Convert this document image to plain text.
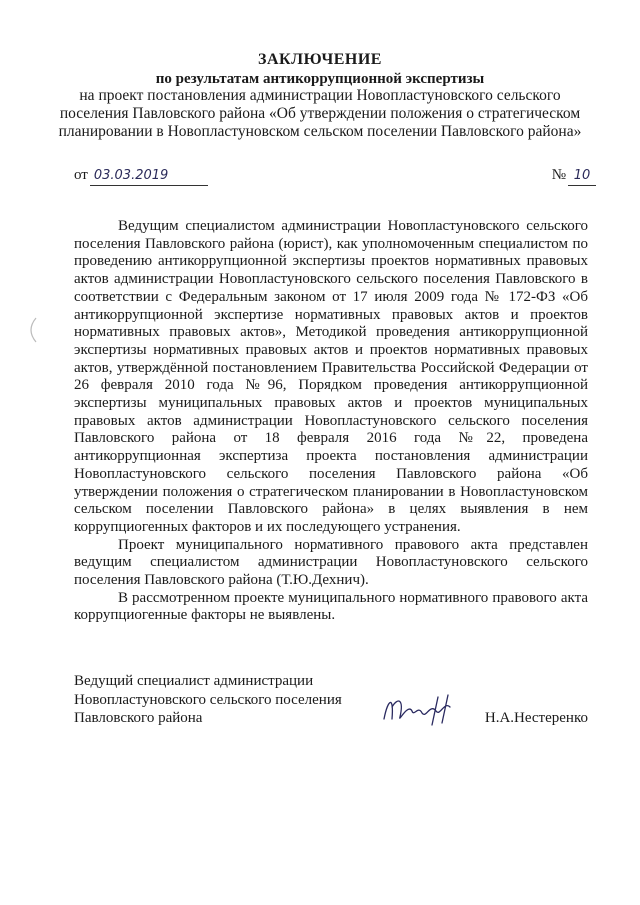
ЗАКЛЮЧЕНИЕ
по результатам антикоррупционной экспертизы
на проект постановления администрации Новопластуновского сельского
поселения Павловского района «Об утверждении положения о стратегическом
планировании в Новопластуновском сельском поселении Павловского района»
от 03.03.2019	№ 10

Ведущим специалистом администрации Новопластуновского сельского поселения Павловского района (юрист), как уполномоченным специалистом по проведению антикоррупционной экспертизы проектов нормативных правовых актов администрации Новопластуновского сельского поселения Павловского в соответствии с Федеральным законом от 17 июля 2009 года № 172-ФЗ «Об антикоррупционной экспертизе нормативных правовых актов и проектов нормативных правовых актов», Методикой проведения антикоррупционной экспертизы нормативных правовых актов и проектов нормативных правовых актов, утверждённой постановлением Правительства Российской Федерации от 26 февраля 2010 года №96, Порядком проведения антикоррупционной экспертизы муниципальных правовых актов и проектов муниципальных правовых актов администрации Новопластуновского сельского поселения Павловского района от 18 февраля 2016 года №22, проведена антикоррупционная экспертиза проекта постановления администрации Новопластуновского сельского поселения Павловского района «Об утверждении положения о стратегическом планировании в Новопластуновском сельском поселении Павловского района» в целях выявления в нем коррупциогенных факторов и их последующего устранения.

Проект муниципального нормативного правового акта представлен ведущим специалистом администрации Новопластуновского сельского поселения Павловского района (Т.Ю.Дехнич).

В рассмотренном проекте муниципального нормативного правового акта коррупциогенные факторы не выявлены.

Ведущий специалист администрации
Новопластуновского сельского поселения
Павловского района	Н.А.Нестеренко
